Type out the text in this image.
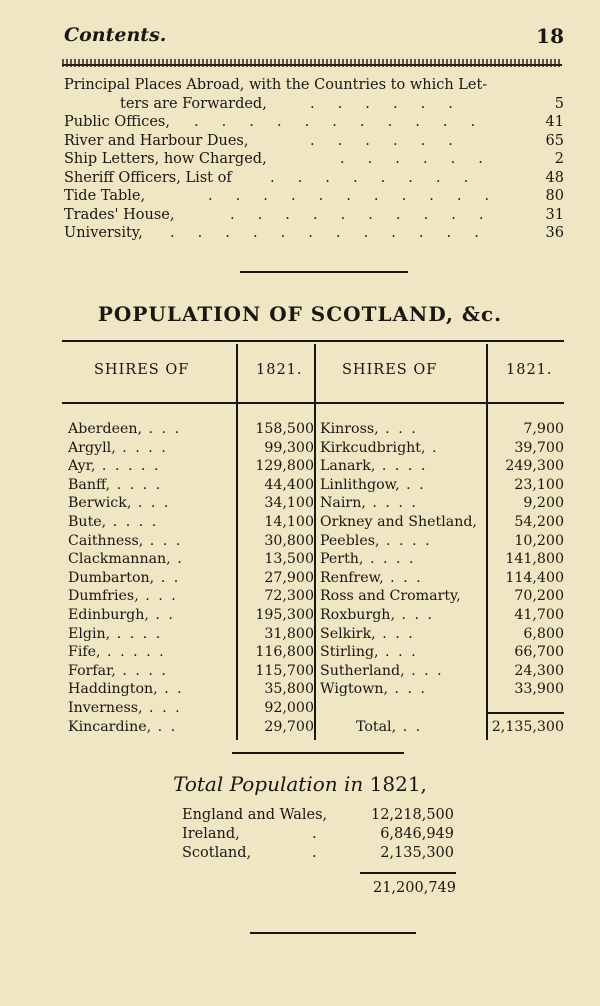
Contents.	18
Principal Places Abroad, with the Countries to which Let-
ters are Forwarded,	.     .     .     .     .     .	5
Public Offices, .     .     .     .     .     .     .     .     .     .     .	41
River and Harbour Dues,	.     .     .     .     .     .	65
Ship Letters, how Charged,	.     .     .     .     .     .	2
Sheriff Officers, List of	.     .     .     .     .     .     .     .	48
Tide Table,	.     .     .     .     .     .     .     .     .     .     .	80
Trades' House,	.     .     .     .     .     .     .     .     .     .	31
University, .     .     .     .     .     .     .     .     .     .     .     .	36
POPULATION OF SCOTLAND, &c.
SHIRES OF	1821.	SHIRES OF	1821.
Aberdeen, . . .	158,500 Kinross, . . .	7,900
Argyll, . . . .	99,300 Kirkcudbright, .	39,700
Ayr, . . . . .	129,800 Lanark, . . . .	249,300
Banff, . . . .	44,400 Linlithgow, . .	23,100
Berwick, . . .	34,100 Nairn, . . . .	9,200
Bute, . . . .	14,100 Orkney and Shetland,	54,200
Caithness, . . .	30,800 Peebles, . . . .	10,200
Clackmannan, .	13,500 Perth, . . . .	141,800
Dumbarton, . .	27,900 Renfrew, . . .	114,400
Dumfries, . . .	72,300 Ross and Cromarty,	70,200
Edinburgh, . .	195,300 Roxburgh, . . .	41,700
Elgin, . . . .	31,800 Selkirk, . . .	6,800
Fife, . . . . .	116,800 Stirling, . . .	66,700
Forfar, . . . .	115,700 Sutherland, . . .	24,300
Haddington, . .	35,800 Wigtown, . . .	33,900
Inverness, . . .	92,000
Kincardine, . .	29,700	Total, . .	2,135,300
Total Population in 1821,
England and Wales,	12,218,500
Ireland,	.	6,846,949
Scotland,	.	2,135,300
21,200,749
